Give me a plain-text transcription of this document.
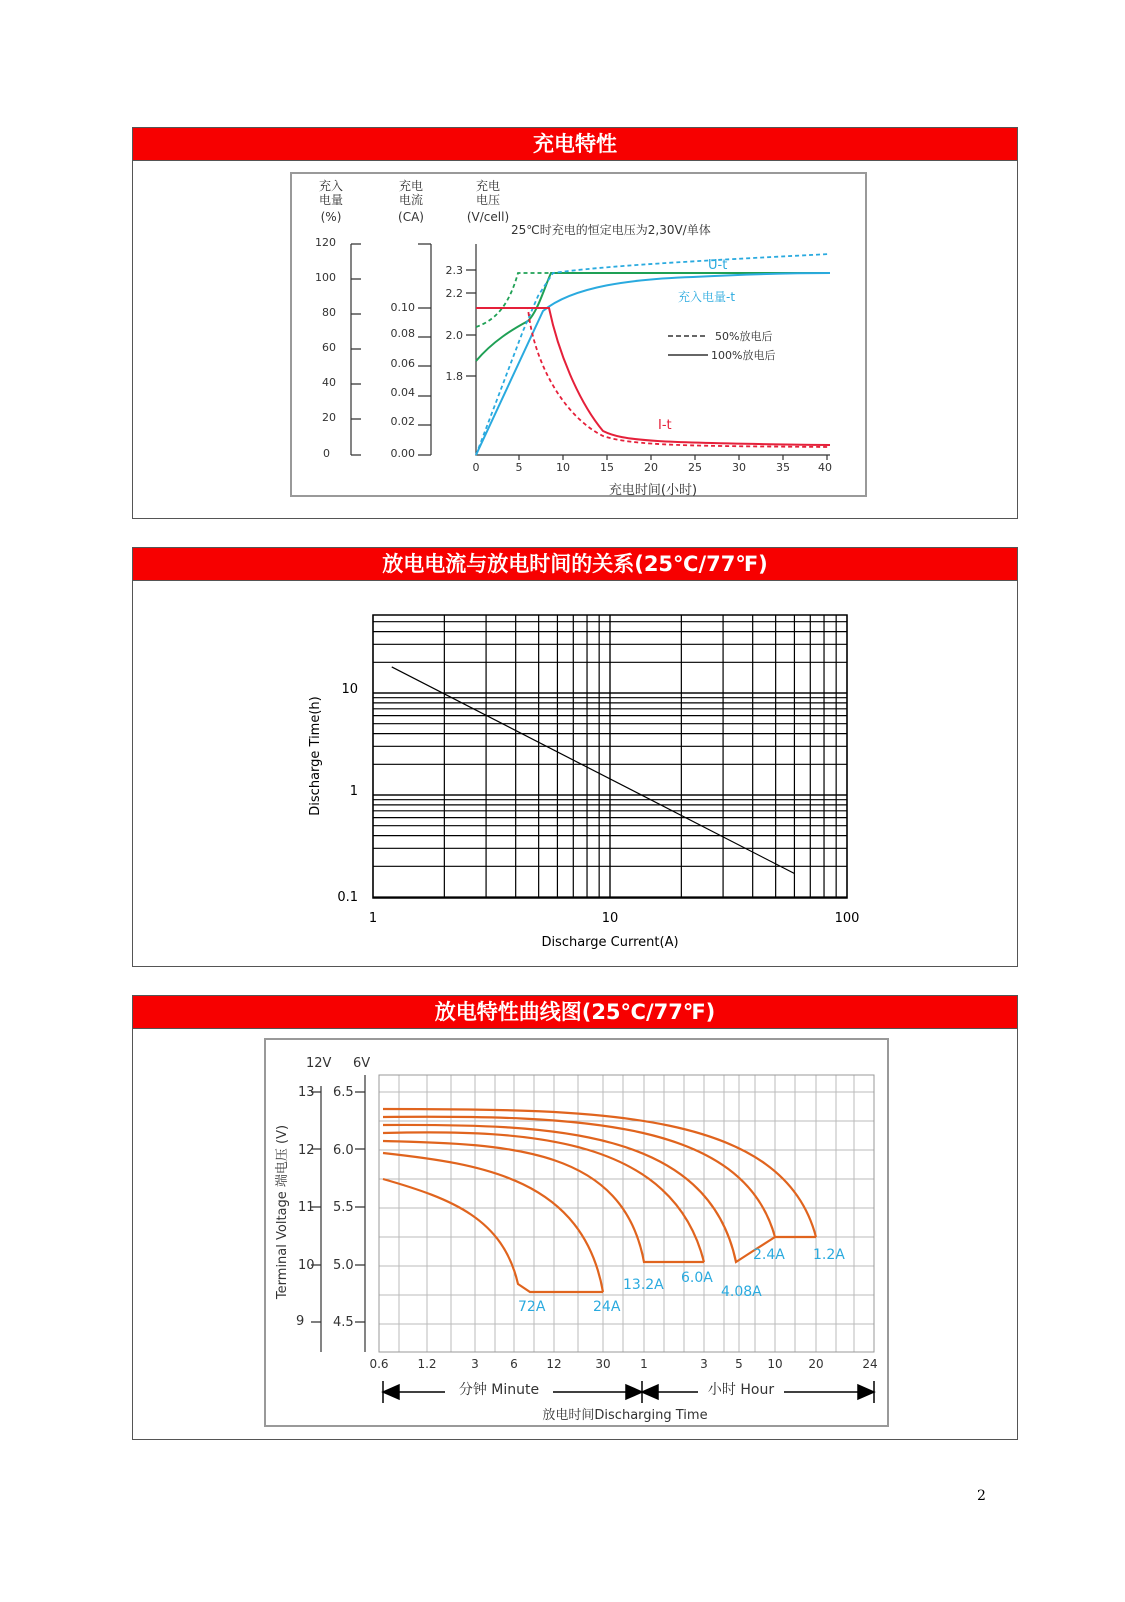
充电特性
充入
电量
(%)
充电
电流
(CA)
充电
电压
(V/cell)
25℃时充电的恒定电压为2,30V/单体
120
100
80
60
40
20
0
0.10
0.08
0.06
0.04
0.02
0.00
2.3
2.2
2.0
1.8
0	5	10	15	20	25	30	35	40
充电时间(小时)
U-t
充入电量-t
I-t
50%放电后
100%放电后
放电电流与放电时间的关系(25℃/77℉)
10
1
0.1
1	10	100
Discharge Current(A)
Discharge Time(h)
放电特性曲线图(25℃/77℉)
12V 6V
13
12
11
10
9
6.5
6.0
5.5
5.0
4.5
Terminal Voltage 端电压 (V)
0.6 1.2	3	6 12	30 1	3 5 10 20	24
分钟 Minute	小时 Hour
放电时间Discharging Time
72A	24A
13.2A 6.0A
4.08A
2.4A 1.2A
2
